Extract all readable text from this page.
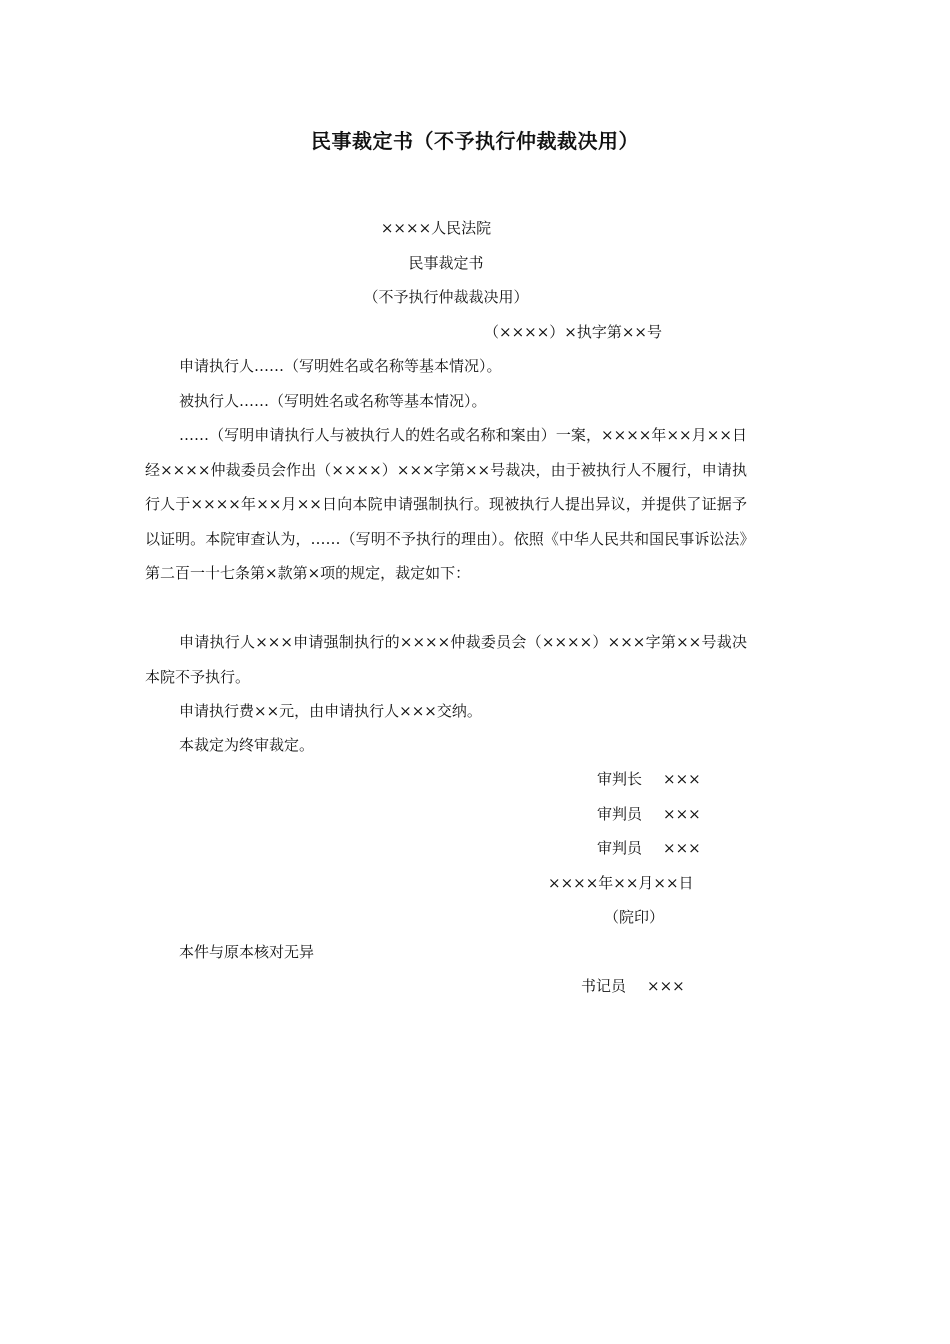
民事裁定书（不予执行仲裁裁决用）
××××人民法院
民事裁定书
（不予执行仲裁裁决用）
（××××）×执字第××号
申请执行人……（写明姓名或名称等基本情况）。
被执行人……（写明姓名或名称等基本情况）。
……（写明申请执行人与被执行人的姓名或名称和案由）一案，××××年××月××日经××××仲裁委员会作出（××××）×××字第××号裁决，由于被执行人不履行，申请执行人于××××年××月××日向本院申请强制执行。现被执行人提出异议，并提供了证据予以证明。本院审查认为，……（写明不予执行的理由）。依照《中华人民共和国民事诉讼法》第二百一十七条第×款第×项的规定，裁定如下：
申请执行人×××申请强制执行的××××仲裁委员会（××××）×××字第××号裁决本院不予执行。
申请执行费××元，由申请执行人×××交纳。
本裁定为终审裁定。
审判长 ×××
审判员 ×××
审判员 ×××
××××年××月××日
（院印）
本件与原本核对无异
书记员 ×××
